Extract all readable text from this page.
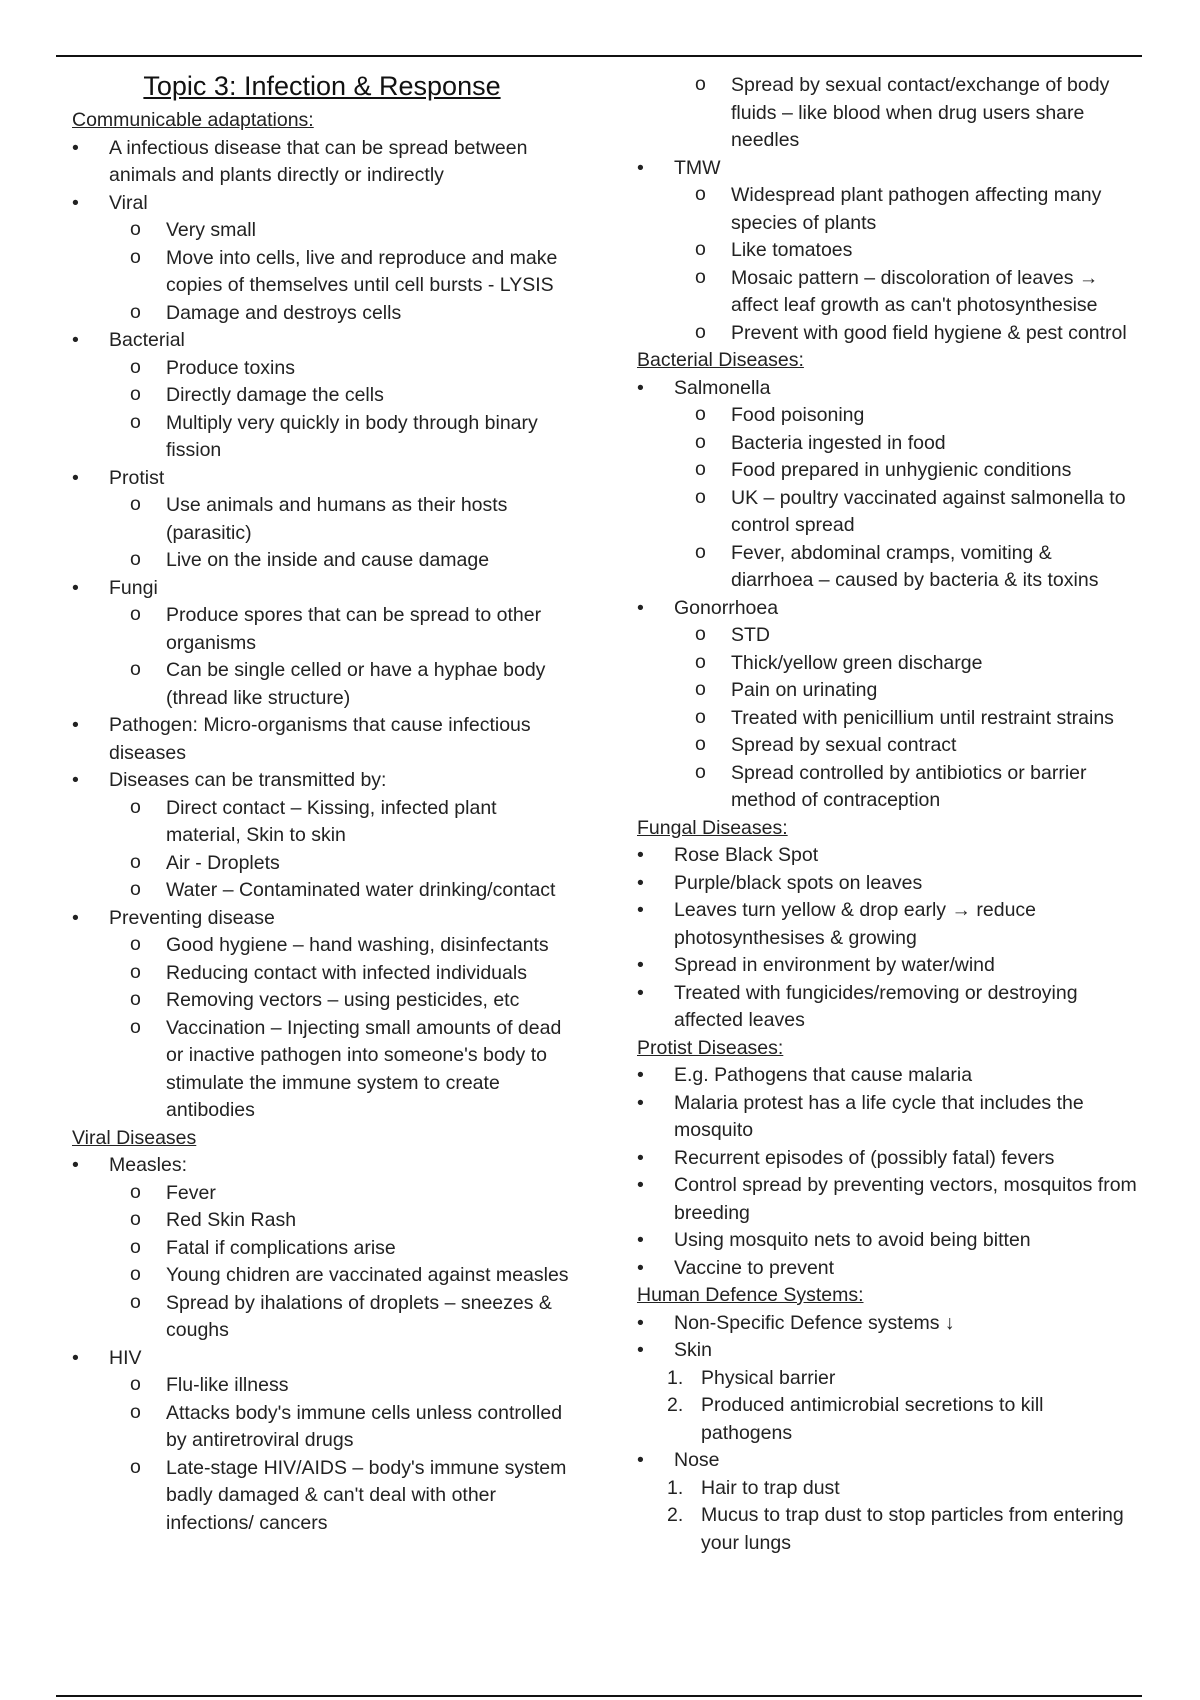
Topic 3: Infection & Response
Communicable adaptations:
• A infectious disease that can be spread between animals and plants directly or indirectly
• Viral
o Very small
o Move into cells, live and reproduce and make copies of themselves until cell bursts - LYSIS
o Damage and destroys cells
• Bacterial
o Produce toxins
o Directly damage the cells
o Multiply very quickly in body through binary fission
• Protist
o Use animals and humans as their hosts (parasitic)
o Live on the inside and cause damage
• Fungi
o Produce spores that can be spread to other organisms
o Can be single celled or have a hyphae body (thread like structure)
• Pathogen: Micro-organisms that cause infectious diseases
• Diseases can be transmitted by:
o Direct contact – Kissing, infected plant material, Skin to skin
o Air - Droplets
o Water – Contaminated water drinking/contact
• Preventing disease
o Good hygiene – hand washing, disinfectants
o Reducing contact with infected individuals
o Removing vectors – using pesticides, etc
o Vaccination – Injecting small amounts of dead or inactive pathogen into someone's body to stimulate the immune system to create antibodies
Viral Diseases
• Measles:
o Fever
o Red Skin Rash
o Fatal if complications arise
o Young chidren are vaccinated against measles
o Spread by ihalations of droplets – sneezes & coughs
• HIV
o Flu-like illness
o Attacks body's immune cells unless controlled by antiretroviral drugs
o Late-stage HIV/AIDS – body's immune system badly damaged & can't deal with other infections/ cancers
o Spread by sexual contact/exchange of body fluids – like blood when drug users share needles
• TMW
o Widespread plant pathogen affecting many species of plants
o Like tomatoes
o Mosaic pattern – discoloration of leaves → affect leaf growth as can't photosynthesise
o Prevent with good field hygiene & pest control
Bacterial Diseases:
• Salmonella
o Food poisoning
o Bacteria ingested in food
o Food prepared in unhygienic conditions
o UK – poultry vaccinated against salmonella to control spread
o Fever, abdominal cramps, vomiting & diarrhoea – caused by bacteria & its toxins
• Gonorrhoea
o STD
o Thick/yellow green discharge
o Pain on urinating
o Treated with penicillium until restraint strains
o Spread by sexual contract
o Spread controlled by antibiotics or barrier method of contraception
Fungal Diseases:
• Rose Black Spot
• Purple/black spots on leaves
• Leaves turn yellow & drop early → reduce photosynthesises & growing
• Spread in environment by water/wind
• Treated with fungicides/removing or destroying affected leaves
Protist Diseases:
• E.g. Pathogens that cause malaria
• Malaria protest has a life cycle that includes the mosquito
• Recurrent episodes of (possibly fatal) fevers
• Control spread by preventing vectors, mosquitos from breeding
• Using mosquito nets to avoid being bitten
• Vaccine to prevent
Human Defence Systems:
• Non-Specific Defence systems ↓
• Skin
1. Physical barrier
2. Produced antimicrobial secretions to kill pathogens
• Nose
1. Hair to trap dust
2. Mucus to trap dust to stop particles from entering your lungs
